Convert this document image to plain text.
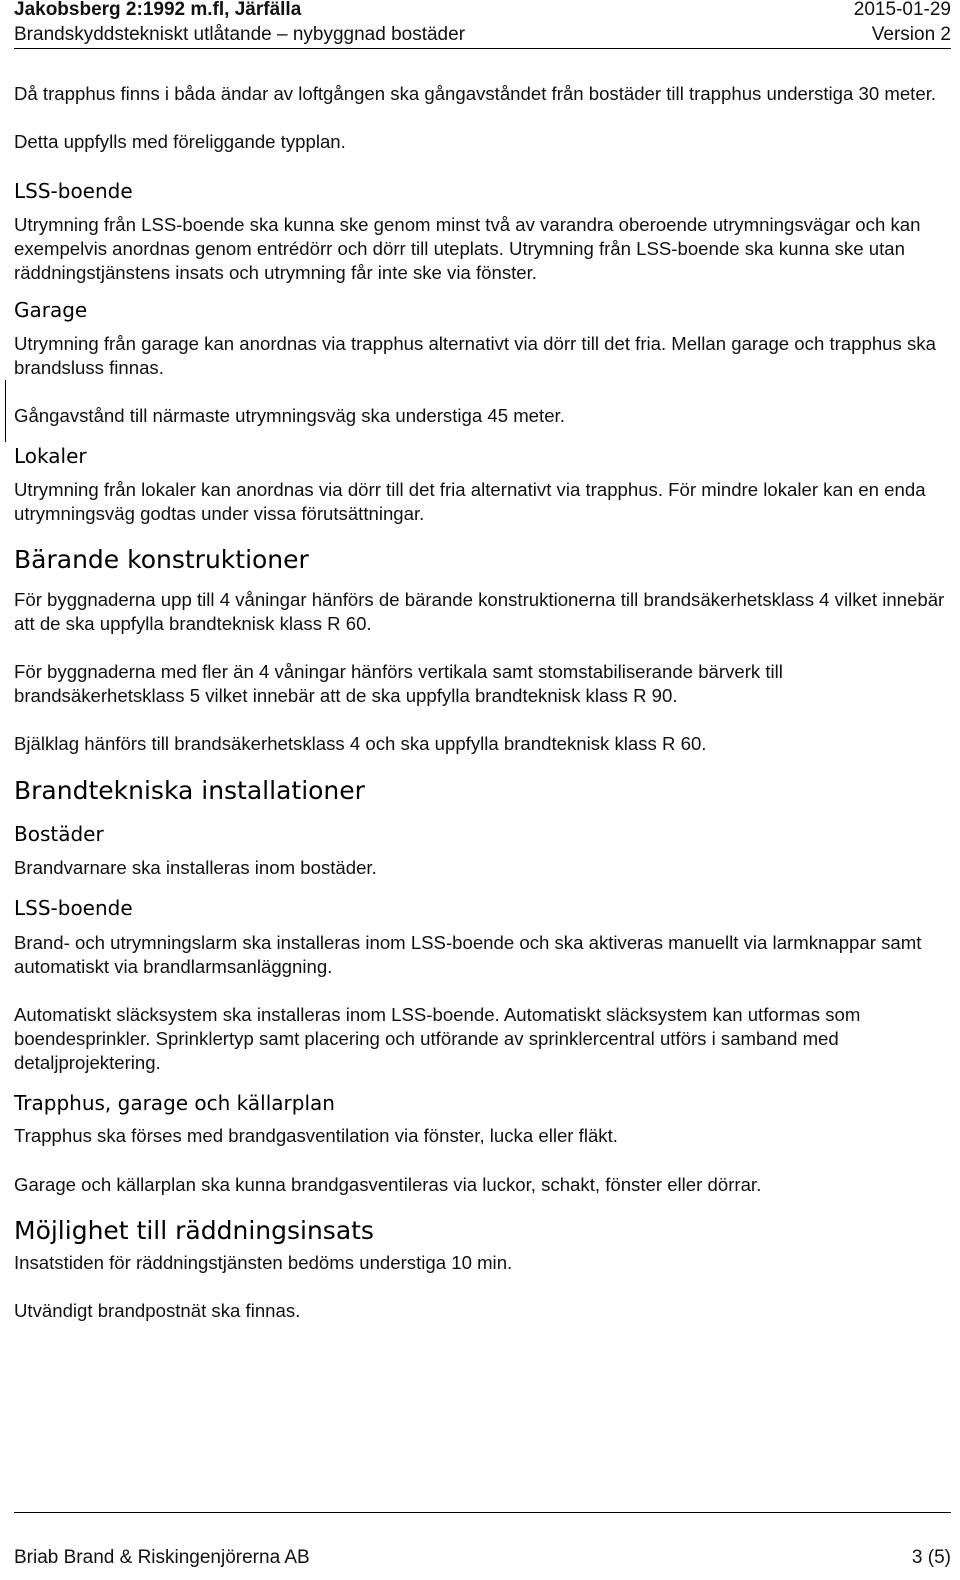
Jakobsberg 2:1992 m.fl, Järfälla	2015-01-29
Brandskyddstekniskt utlåtande – nybyggnad bostäder	Version 2

Då trapphus finns i båda ändar av loftgången ska gångavståndet från bostäder till trapphus understiga 30 meter.

Detta uppfylls med föreliggande typplan.

LSS-boende

Utrymning från LSS-boende ska kunna ske genom minst två av varandra oberoende utrymningsvägar och kan exempelvis anordnas genom entrédörr och dörr till uteplats. Utrymning från LSS-boende ska kunna ske utan räddningstjänstens insats och utrymning får inte ske via fönster.

Garage

Utrymning från garage kan anordnas via trapphus alternativt via dörr till det fria. Mellan garage och trapphus ska brandsluss finnas.

Gångavstånd till närmaste utrymningsväg ska understiga 45 meter.

Lokaler

Utrymning från lokaler kan anordnas via dörr till det fria alternativt via trapphus. För mindre lokaler kan en enda utrymningsväg godtas under vissa förutsättningar.

Bärande konstruktioner

För byggnaderna upp till 4 våningar hänförs de bärande konstruktionerna till brandsäkerhetsklass 4 vilket innebär att de ska uppfylla brandteknisk klass R 60.

För byggnaderna med fler än 4 våningar hänförs vertikala samt stomstabiliserande bärverk till brandsäkerhetsklass 5 vilket innebär att de ska uppfylla brandteknisk klass R 90.

Bjälklag hänförs till brandsäkerhetsklass 4 och ska uppfylla brandteknisk klass R 60.

Brandtekniska installationer
Bostäder

Brandvarnare ska installeras inom bostäder.

LSS-boende

Brand- och utrymningslarm ska installeras inom LSS-boende och ska aktiveras manuellt via larmknappar samt automatiskt via brandlarmsanläggning.

Automatiskt släcksystem ska installeras inom LSS-boende. Automatiskt släcksystem kan utformas som boendesprinkler. Sprinklertyp samt placering och utförande av sprinklercentral utförs i samband med detaljprojektering.

Trapphus, garage och källarplan

Trapphus ska förses med brandgasventilation via fönster, lucka eller fläkt.

Garage och källarplan ska kunna brandgasventileras via luckor, schakt, fönster eller dörrar.

Möjlighet till räddningsinsats

Insatstiden för räddningstjänsten bedöms understiga 10 min.

Utvändigt brandpostnät ska finnas.

Briab Brand & Riskingenjörerna AB	3 (5)
